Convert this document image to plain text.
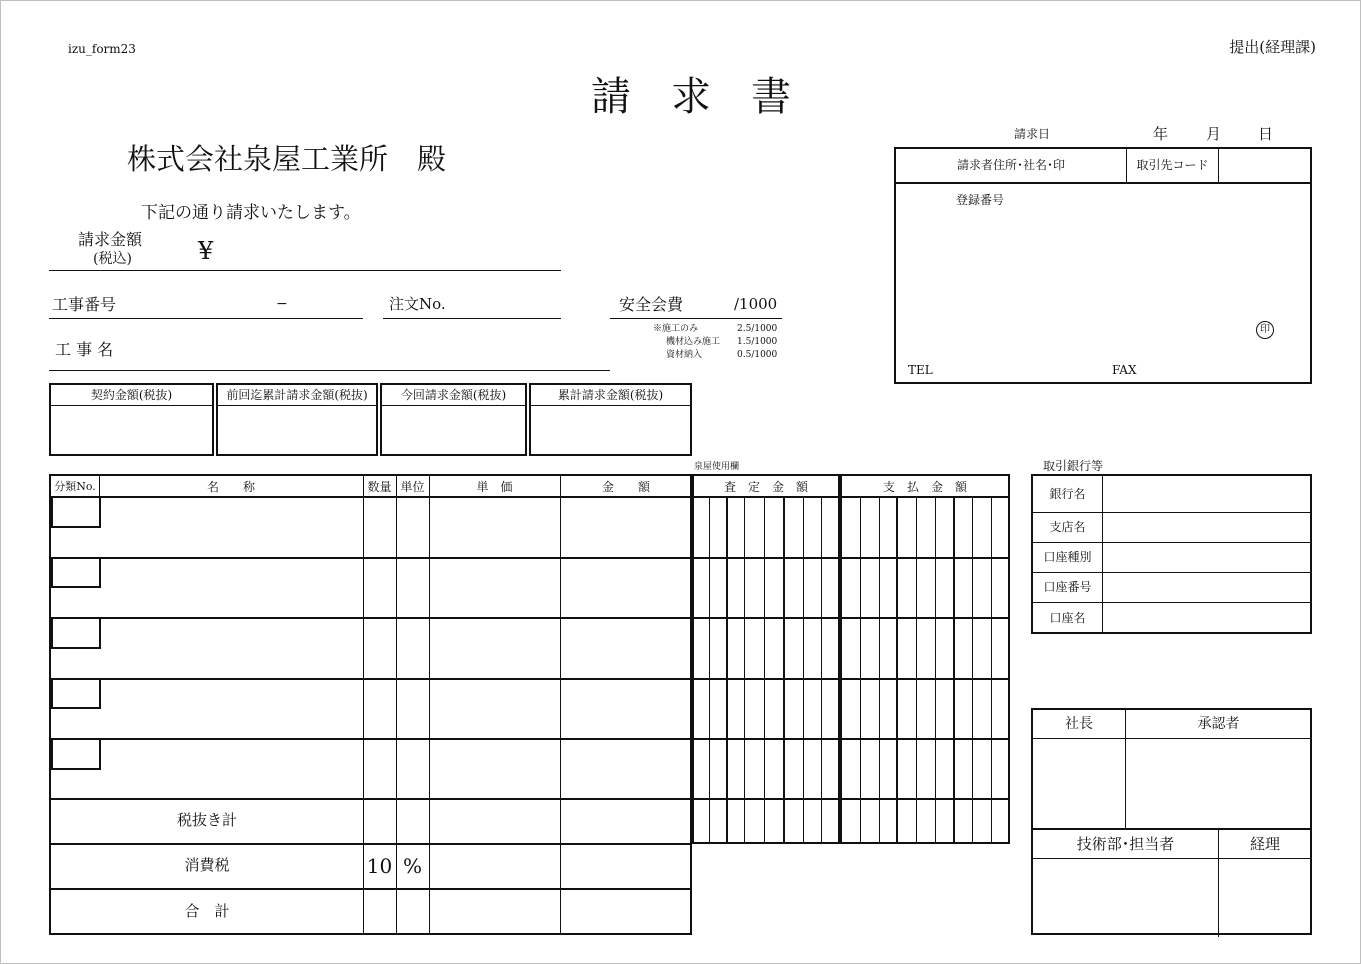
izu_form23	提出(経理課)
請　求　書
株式会社泉屋工業所　殿
下記の通り請求いたします。
請求金額
(税込)	¥
工事番号	−	注文No.	安全会費	/1000
※施工のみ	2.5/1000
機材込み施工 1.5/1000
資材納入	0.5/1000
工 事 名
契約金額(税抜)	前回迄累計請求金額(税抜)	今回請求金額(税抜)	累計請求金額(税抜)
請求日	年	月 日
請求者住所･社名･印	取引先コード
登録番号
印
TEL	FAX
泉屋使用欄
分類No.	名　　称	数量 単位	単　価	金　　額
税抜き計
消費税	10 %
合　計
査　定　金　額	支　払　金　額
取引銀行等
銀行名
支店名
口座種別
口座番号
口座名
社長	承認者
技術部･担当者	経理
